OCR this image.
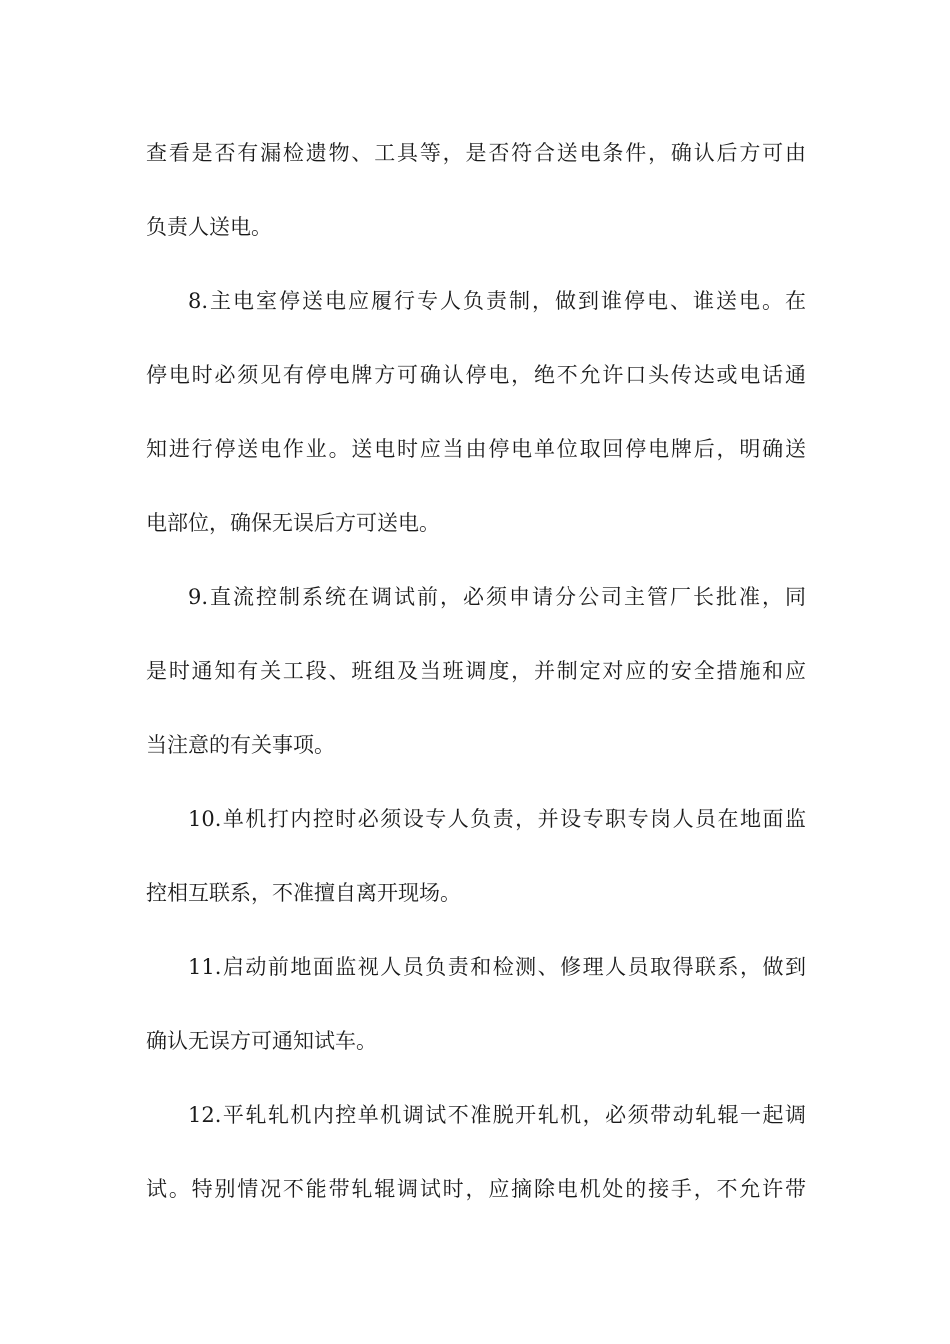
查看是否有漏检遗物、工具等，是否符合送电条件，确认后方可由
负责人送电。
8.主电室停送电应履行专人负责制，做到谁停电、谁送电。在
停电时必须见有停电牌方可确认停电，绝不允许口头传达或电话通
知进行停送电作业。送电时应当由停电单位取回停电牌后，明确送
电部位，确保无误后方可送电。
9.直流控制系统在调试前，必须申请分公司主管厂长批准，同
是时通知有关工段、班组及当班调度，并制定对应的安全措施和应
当注意的有关事项。
10.单机打内控时必须设专人负责，并设专职专岗人员在地面监
控相互联系，不准擅自离开现场。
11.启动前地面监视人员负责和检测、修理人员取得联系，做到
确认无误方可通知试车。
12.平轧轧机内控单机调试不准脱开轧机，必须带动轧辊一起调
试。特别情况不能带轧辊调试时，应摘除电机处的接手，不允许带
